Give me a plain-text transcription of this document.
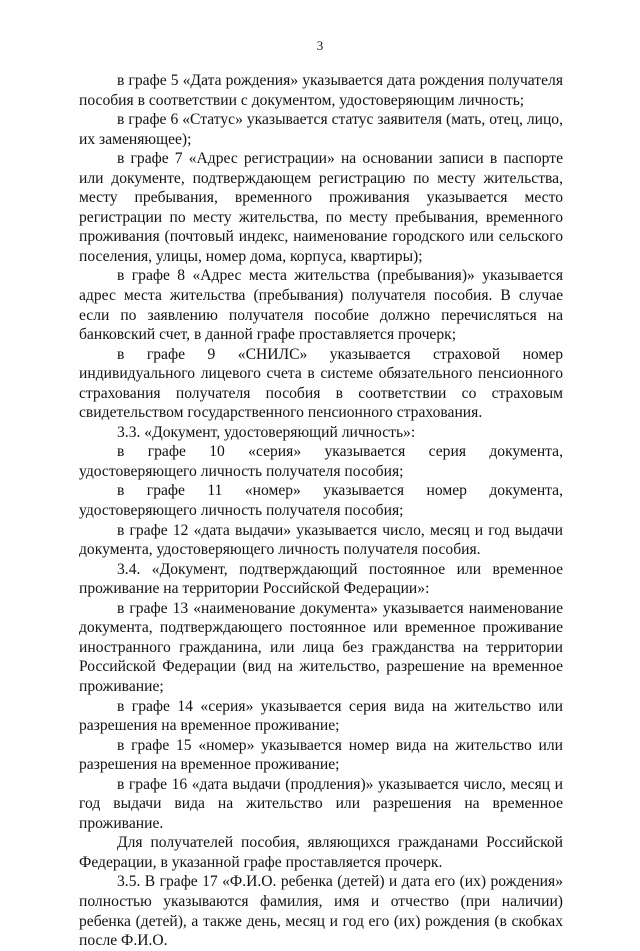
3

в графе 5 «Дата рождения» указывается дата рождения получателя пособия в соответствии с документом, удостоверяющим личность;

в графе 6 «Статус» указывается статус заявителя (мать, отец, лицо, их заменяющее);

в графе 7 «Адрес регистрации» на основании записи в паспорте или документе, подтверждающем регистрацию по месту жительства, месту пребывания, временного проживания указывается место регистрации по месту жительства, по месту пребывания, временного проживания (почтовый индекс, наименование городского или сельского поселения, улицы, номер дома, корпуса, квартиры);

в графе 8 «Адрес места жительства (пребывания)» указывается адрес места жительства (пребывания) получателя пособия. В случае если по заявлению получателя пособие должно перечисляться на банковский счет, в данной графе проставляется прочерк;

в графе 9 «СНИЛС» указывается страховой номер индивидуального лицевого счета в системе обязательного пенсионного страхования получателя пособия в соответствии со страховым свидетельством государственного пенсионного страхования.

3.3. «Документ, удостоверяющий личность»:

в графе 10 «серия» указывается серия документа, удостоверяющего личность получателя пособия;

в графе 11 «номер» указывается номер документа, удостоверяющего личность получателя пособия;

в графе 12 «дата выдачи» указывается число, месяц и год выдачи документа, удостоверяющего личность получателя пособия.

3.4. «Документ, подтверждающий постоянное или временное проживание на территории Российской Федерации»:

в графе 13 «наименование документа» указывается наименование документа, подтверждающего постоянное или временное проживание иностранного гражданина, или лица без гражданства на территории Российской Федерации (вид на жительство, разрешение на временное проживание;

в графе 14 «серия» указывается серия вида на жительство или разрешения на временное проживание;

в графе 15 «номер» указывается номер вида на жительство или разрешения на временное проживание;

в графе 16 «дата выдачи (продления)» указывается число, месяц и год выдачи вида на жительство или разрешения на временное проживание.

Для получателей пособия, являющихся гражданами Российской Федерации, в указанной графе проставляется прочерк.

3.5. В графе 17 «Ф.И.О. ребенка (детей) и дата его (их) рождения» полностью указываются фамилия, имя и отчество (при наличии) ребенка (детей), а также день, месяц и год его (их) рождения (в скобках после Ф.И.О.
